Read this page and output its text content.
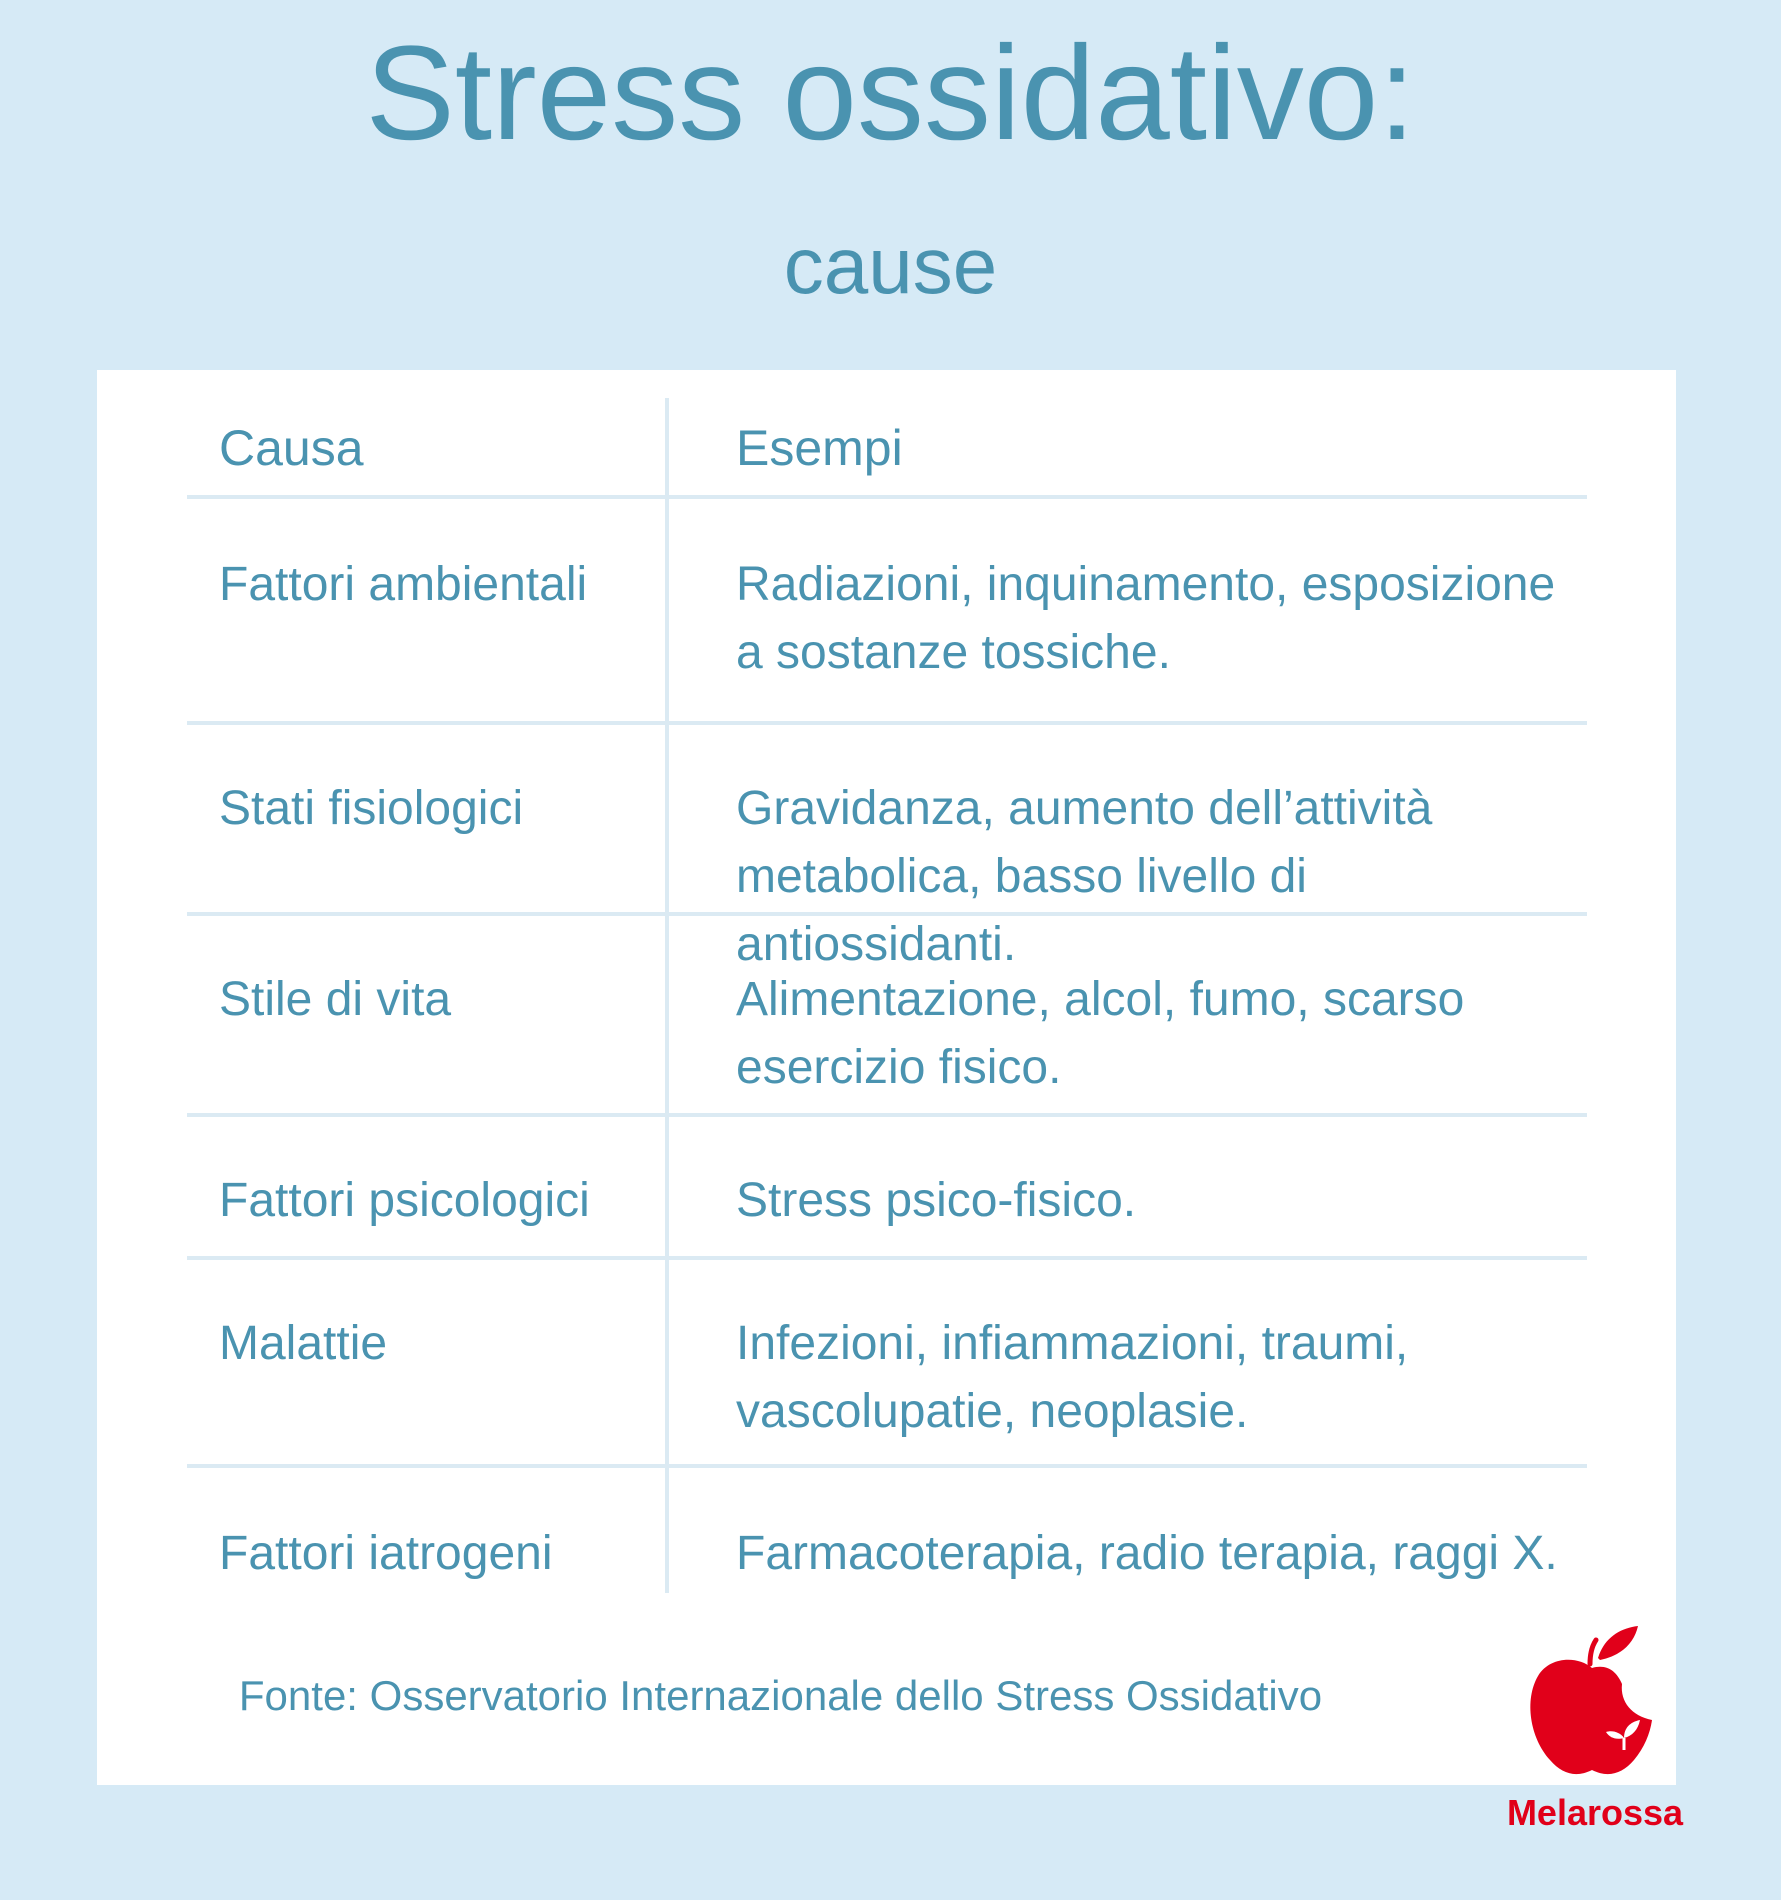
Stress ossidativo:
cause
Causa	Esempi
Fattori ambientali	Radiazioni, inquinamento, esposizione a sostanze tossiche.
Stati fisiologici	Gravidanza, aumento dell’attività metabolica, basso livello di antiossidanti.
Stile di vita	Alimentazione, alcol, fumo, scarso esercizio fisico.
Fattori psicologici	Stress psico-fisico.
Malattie	Infezioni, infiammazioni, traumi, vascolupatie, neoplasie.
Fattori iatrogeni	Farmacoterapia, radio terapia, raggi X.
Fonte: Osservatorio Internazionale dello Stress Ossidativo
Melarossa
